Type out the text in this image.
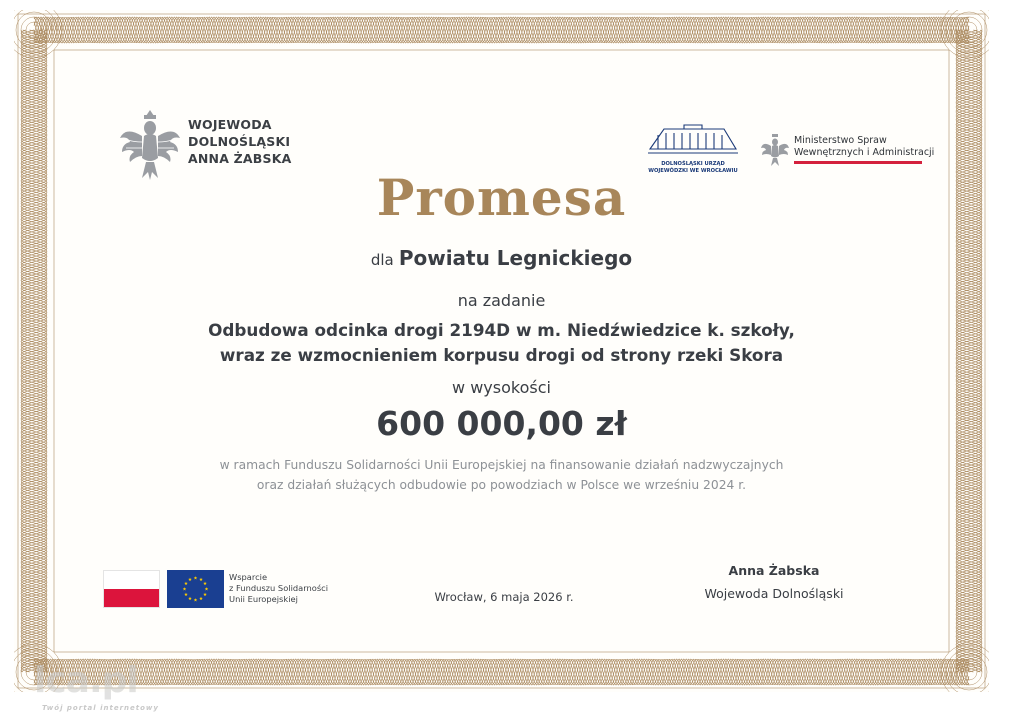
WOJEWODA
DOLNOŚLĄSKI
ANNA ŻABSKA	DOLNOŚLĄSKI URZĄD WOJEWÓDZKI WE WROCŁAWIU
Ministerstwo Spraw
Wewnętrznych i Administracji
Promesa
dla Powiatu Legnickiego
na zadanie
Odbudowa odcinka drogi 2194D w m. Niedźwiedzice k. szkoły,
wraz ze wzmocnieniem korpusu drogi od strony rzeki Skora
w wysokości
600 000,00 zł
w ramach Funduszu Solidarności Unii Europejskiej na finansowanie działań nadzwyczajnych
oraz działań służących odbudowie po powodziach w Polsce we wrześniu 2024 r.
Wsparcie
z Funduszu Solidarności
Unii Europejskiej	Wrocław, 6 maja 2026 r.
Anna Żabska
Wojewoda Dolnośląski
lca.pl
Twój portal internetowy
